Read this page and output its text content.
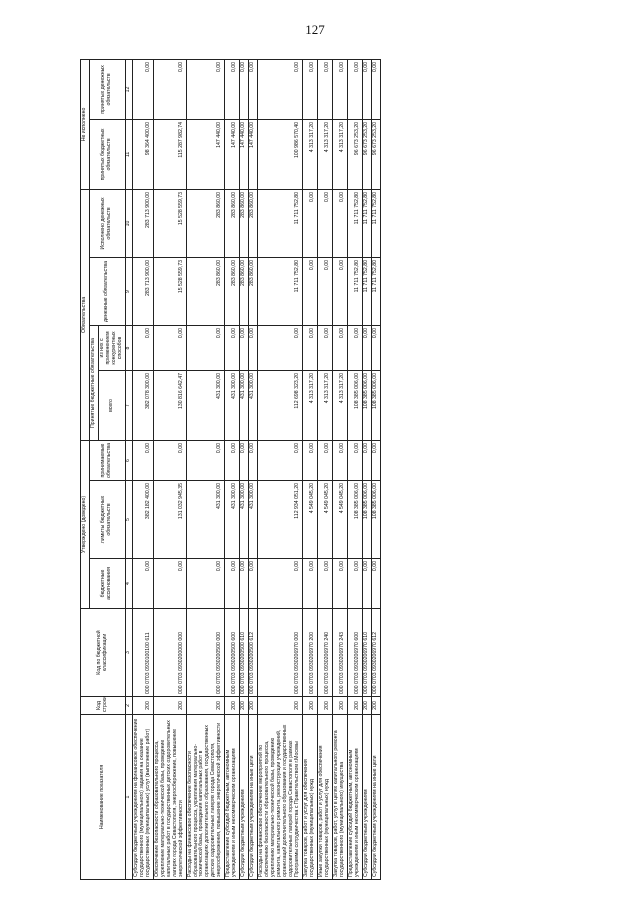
127
Наименование показателя	Код строки	Код по бюджетной классификации	Утверждено (доведено)			Обязательства				Не исполнено	
			бюджетные ассигнования	лимиты бюджетных обязательств	принимаемые обязательства	Принятые бюджетные обязательства		денежные обязательства	Исполнено денежных обязательств	принятых бюджетных обязательств	принятых денежных обязательств
						всего	из них с применением конкурентных способов				
1	2	3	4	5	6	7	8	9	10	11	12
Субсидии бюджетным учреждениям на финансовое обеспечение государственного (муниципального) задания на оказание государственных (муниципальных) услуг (выполнение работ)	200	000 0703 0930100100 611	0,00	382 182 400,00	0,00	382 078 300,00	0,00	283 713 900,00	283 713 900,00	98 364 400,00	0,00
Обеспечение безопасности образовательного процесса, укрепление материально-технической базы, проведение капитальных работ в государственных детских оздоровительных лагерях города Севастополя, энергосбережение, повышение энергетической эффективности	200	000 0703 0930200000 000	0,00	131 032 945,35	0,00	130 816 642,47	0,00	15 528 559,73	15 528 559,73	115 287 982,74	0,00
Расходы на финансовое обеспечение безопасности образовательного процесса, укрепления материально-технической базы, проведения капитальных работ в организациях дополнительного образования, государственных детских оздоровительных лагерях города Севастополя, энергосбережения, повышение энергетической эффективности	200	000 0703 0930200500 000	0,00	431 300,00	0,00	431 300,00	0,00	283 860,00	283 860,00	147 440,00	0,00
Предоставление субсидий бюджетным, автономным учреждениям и иным некоммерческим организациям	200	000 0703 0930200500 600	0,00	431 300,00	0,00	431 300,00	0,00	283 860,00	283 860,00	147 440,00	0,00
Субсидии бюджетным учреждениям	200	000 0703 0930200500 610	0,00	431 300,00	0,00	431 300,00	0,00	283 860,00	283 860,00	147 440,00	0,00
Субсидии бюджетным учреждениям на иные цели	200	000 0703 0930200500 612	0,00	431 300,00	0,00	431 300,00	0,00	283 860,00	283 860,00	147 440,00	0,00
Расходы на финансовое обеспечение мероприятий по обеспечению безопасности образовательного процесса, укреплению материально-технической базы, проведению ремонта, капитального ремонта, реконструкции учреждений, организаций дополнительного образования и государственных оздоровительных лагерей города Севастополя в рамках Программы сотрудничества с Правительством г.Москвы	200	000 0703 0930206970 000	0,00	112 934 051,20	0,00	112 698 323,20	0,00	11 711 752,80	11 711 752,80	100 986 570,40	0,00
Закупка товаров, работ и услуг для обеспечения государственных (муниципальных) нужд	200	000 0703 0930206970 200	0,00	4 549 045,20	0,00	4 313 317,20	0,00	0,00	0,00	4 313 317,20	0,00
Иные закупки товаров, работ и услуг для обеспечения государственных (муниципальных) нужд	200	000 0703 0930206970 240	0,00	4 549 045,20	0,00	4 313 317,20	0,00	0,00	0,00	4 313 317,20	0,00
Закупка товаров, работ, услуг в целях капитального ремонта государственного (муниципального) имущества	200	000 0703 0930206970 243	0,00	4 549 045,20	0,00	4 313 317,20	0,00	0,00	0,00	4 313 317,20	0,00
Предоставление субсидий бюджетным, автономным учреждениям и иным некоммерческим организациям	200	000 0703 0930206970 600	0,00	108 385 006,00	0,00	108 385 006,00	0,00	11 711 752,80	11 711 752,80	96 673 253,20	0,00
Субсидии бюджетным учреждениям	200	000 0703 0930206970 610	0,00	108 385 006,00	0,00	108 385 006,00	0,00	11 711 752,80	11 711 752,80	96 673 253,20	0,00
Субсидии бюджетным учреждениям на иные цели	200	000 0703 0930206970 612	0,00	108 385 006,00	0,00	108 385 006,00	0,00	11 711 752,80	11 711 752,80	96 673 253,20	0,00
